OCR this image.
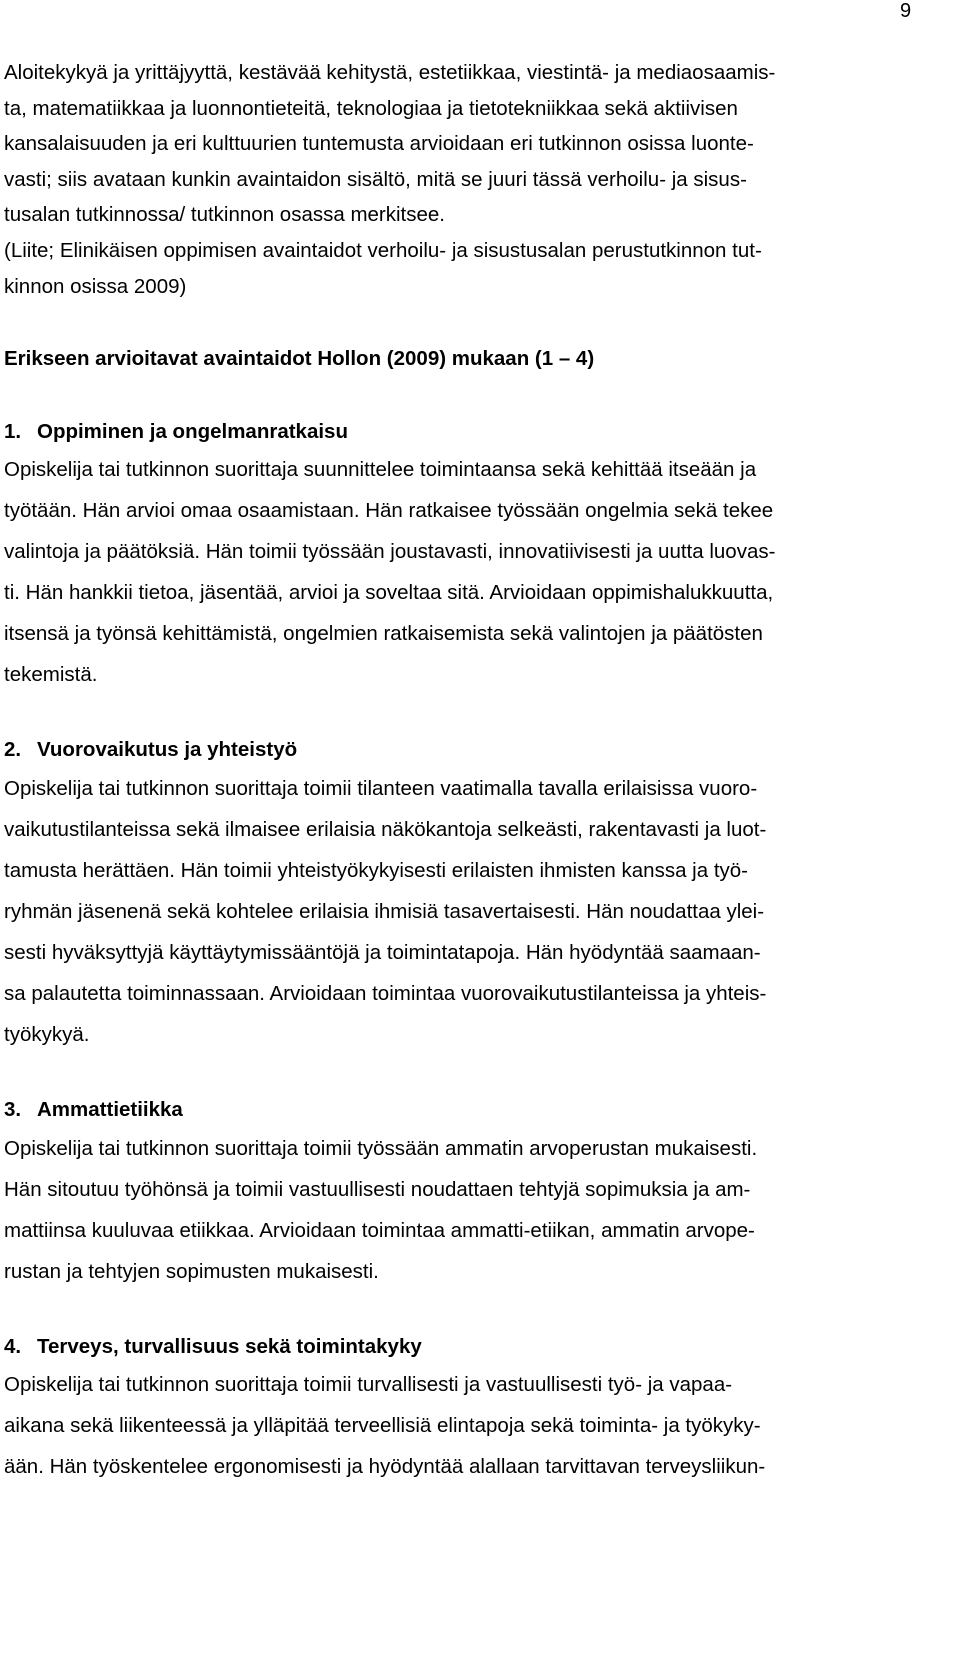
9
Aloitekykyä ja yrittäjyyttä, kestävää kehitystä, estetiikkaa, viestintä- ja mediaosaamis-
ta, matematiikkaa ja luonnontieteitä, teknologiaa ja tietotekniikkaa sekä aktiivisen
kansalaisuuden ja eri kulttuurien tuntemusta arvioidaan eri tutkinnon osissa luonte-
vasti; siis avataan kunkin avaintaidon sisältö, mitä se juuri tässä verhoilu- ja sisus-
tusalan tutkinnossa/ tutkinnon osassa merkitsee.
(Liite; Elinikäisen oppimisen avaintaidot verhoilu- ja sisustusalan perustutkinnon tut-
kinnon osissa 2009)
Erikseen arvioitavat avaintaidot Hollon (2009) mukaan (1 – 4)
1. Oppiminen ja ongelmanratkaisu
Opiskelija tai tutkinnon suorittaja suunnittelee toimintaansa sekä kehittää itseään ja
työtään. Hän arvioi omaa osaamistaan. Hän ratkaisee työssään ongelmia sekä tekee
valintoja ja päätöksiä. Hän toimii työssään joustavasti, innovatiivisesti ja uutta luovas-
ti. Hän hankkii tietoa, jäsentää, arvioi ja soveltaa sitä. Arvioidaan oppimishalukkuutta,
itsensä ja työnsä kehittämistä, ongelmien ratkaisemista sekä valintojen ja päätösten
tekemistä.
2. Vuorovaikutus ja yhteistyö
Opiskelija tai tutkinnon suorittaja toimii tilanteen vaatimalla tavalla erilaisissa vuoro-
vaikutustilanteissa sekä ilmaisee erilaisia näkökantoja selkeästi, rakentavasti ja luot-
tamusta herättäen. Hän toimii yhteistyökykyisesti erilaisten ihmisten kanssa ja työ-
ryhmän jäsenenä sekä kohtelee erilaisia ihmisiä tasavertaisesti. Hän noudattaa ylei-
sesti hyväksyttyjä käyttäytymissääntöjä ja toimintatapoja. Hän hyödyntää saamaan-
sa palautetta toiminnassaan. Arvioidaan toimintaa vuorovaikutustilanteissa ja yhteis-
työkykyä.
3. Ammattietiikka
Opiskelija tai tutkinnon suorittaja toimii työssään ammatin arvoperustan mukaisesti.
Hän sitoutuu työhönsä ja toimii vastuullisesti noudattaen tehtyjä sopimuksia ja am-
mattiinsa kuuluvaa etiikkaa. Arvioidaan toimintaa ammatti-etiikan, ammatin arvope-
rustan ja tehtyjen sopimusten mukaisesti.
4. Terveys, turvallisuus sekä toimintakyky
Opiskelija tai tutkinnon suorittaja toimii turvallisesti ja vastuullisesti työ- ja vapaa-
aikana sekä liikenteessä ja ylläpitää terveellisiä elintapoja sekä toiminta- ja työkyky-
ään. Hän työskentelee ergonomisesti ja hyödyntää alallaan tarvittavan terveysliikun-
